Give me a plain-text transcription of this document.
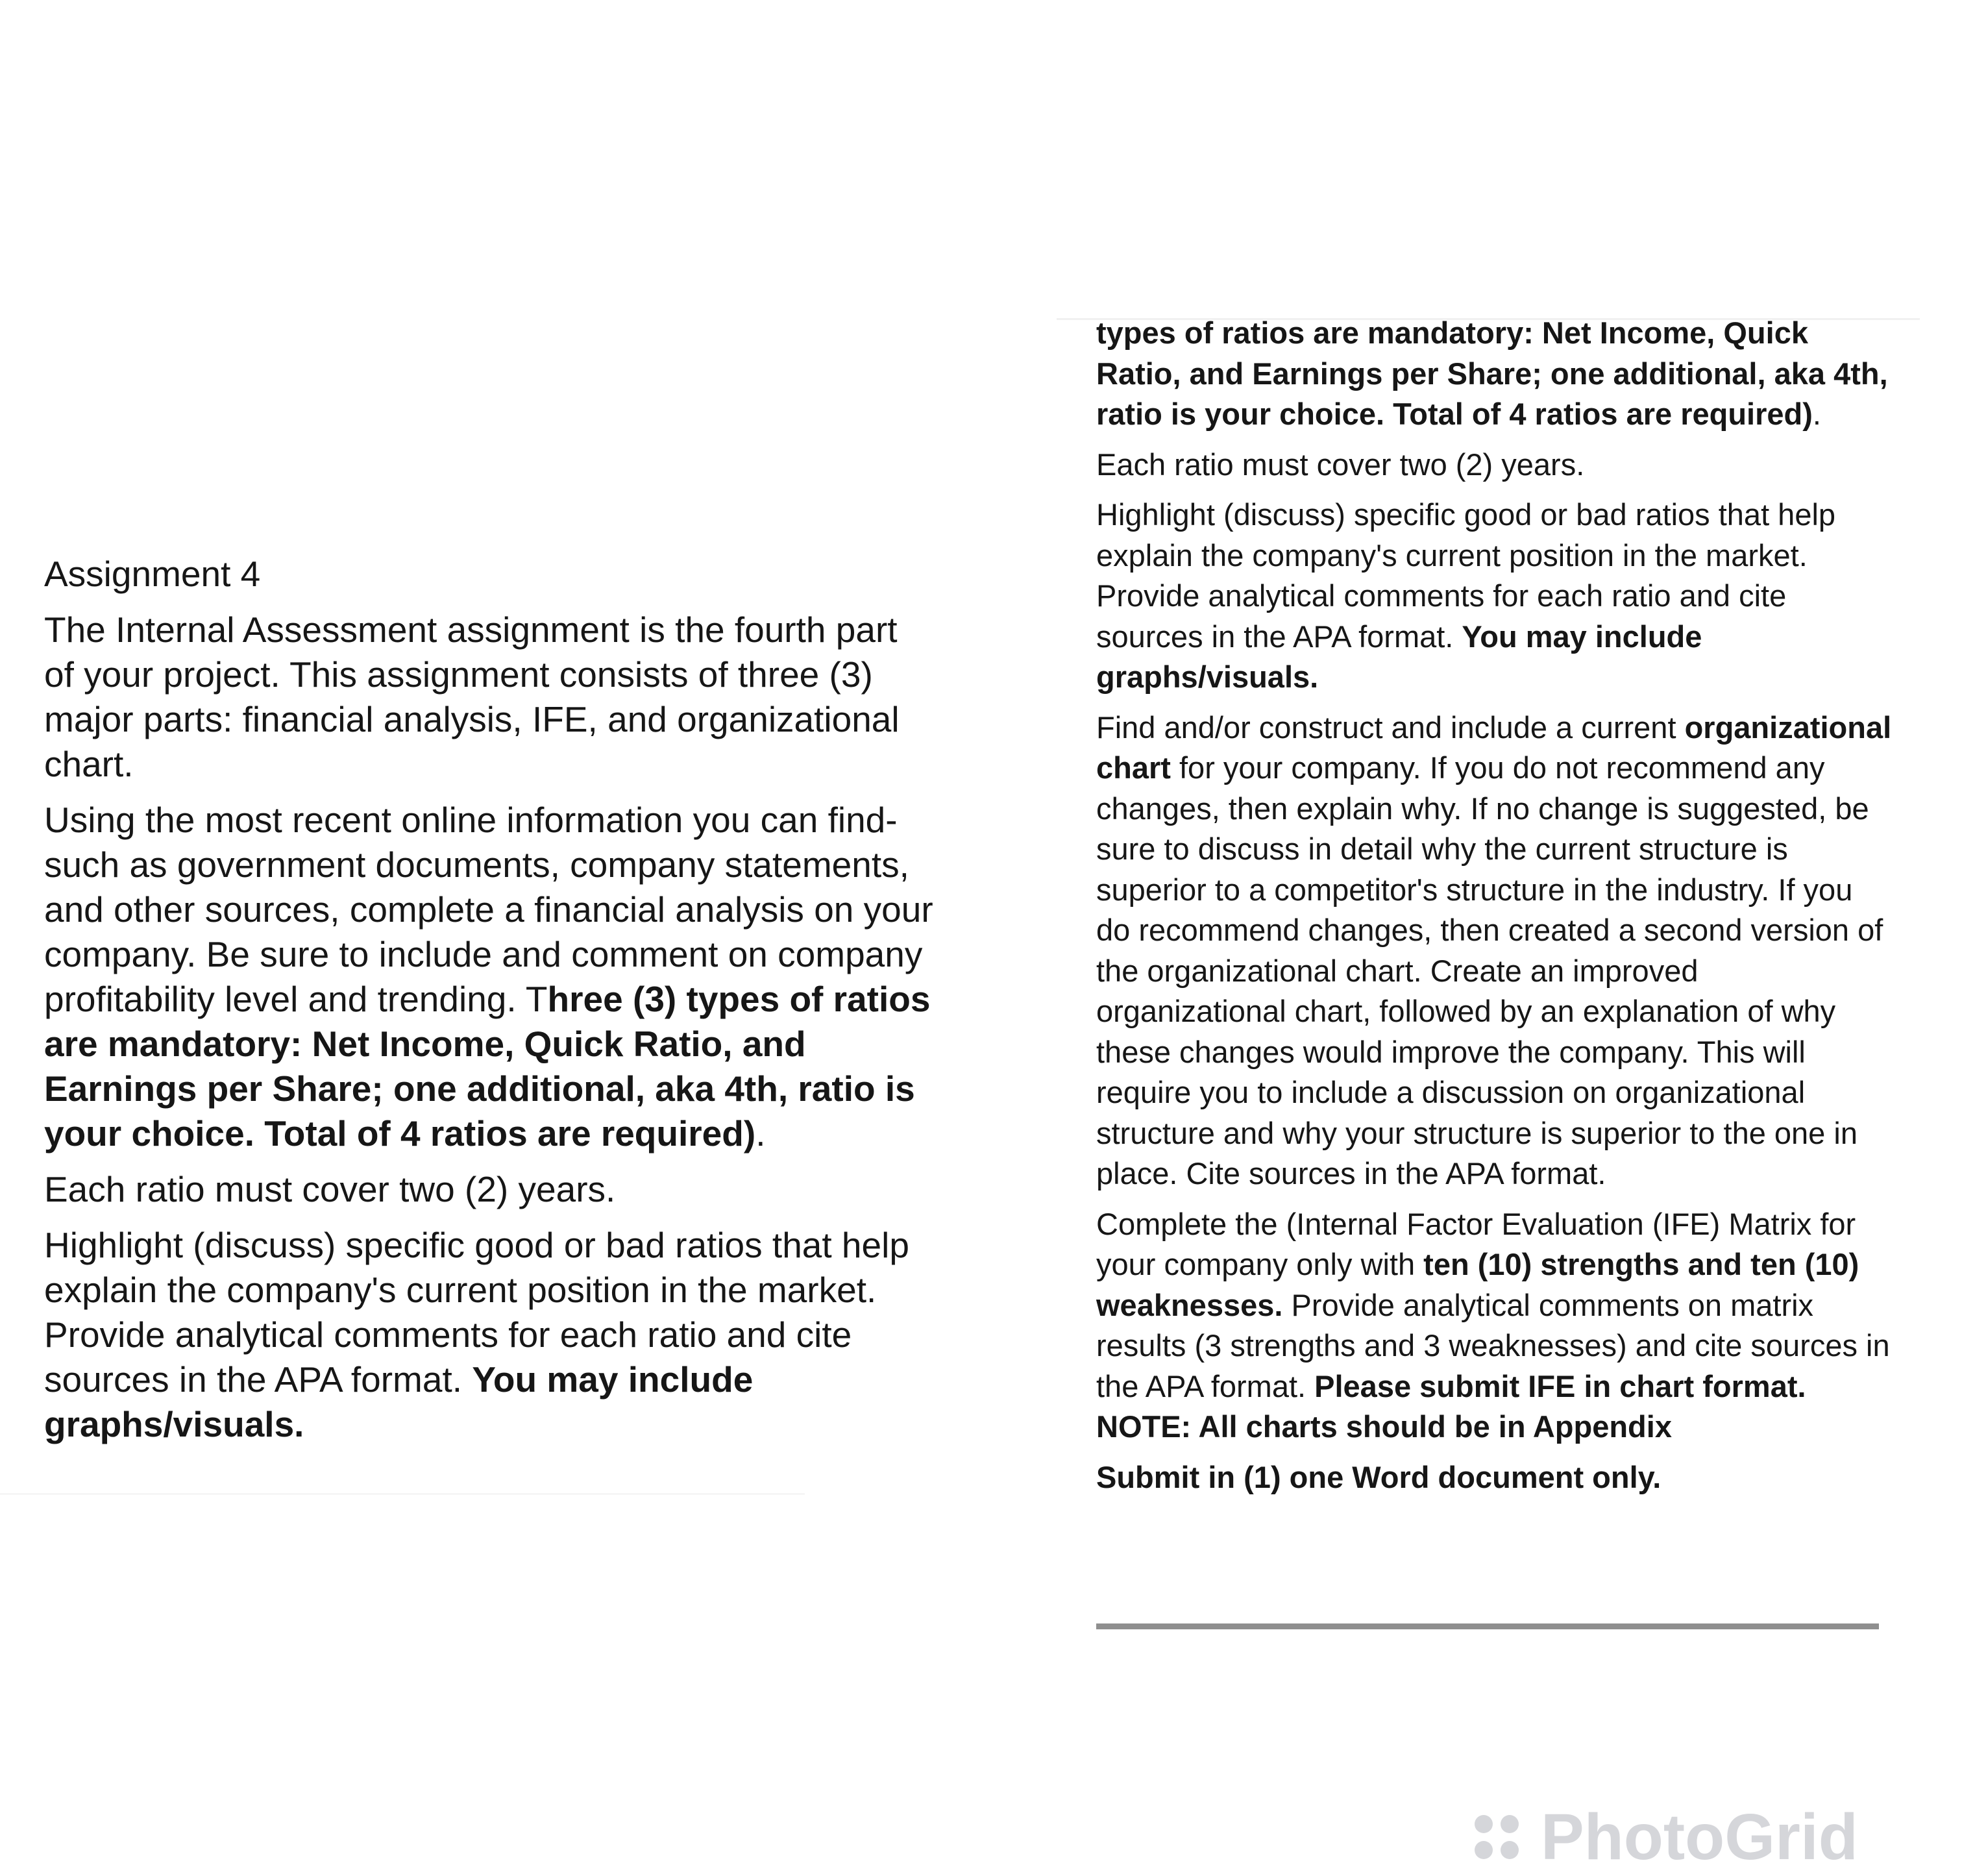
Assignment 4

The Internal Assessment assignment is the fourth part of your project. This assignment consists of three (3) major parts: financial analysis, IFE, and organizational chart.

Using the most recent online information you can find- such as government documents, company statements, and other sources, complete a financial analysis on your company. Be sure to include and comment on company profitability level and trending. Three (3) types of ratios are mandatory: Net Income, Quick Ratio, and Earnings per Share; one additional, aka 4th, ratio is your choice. Total of 4 ratios are required).

Each ratio must cover two (2) years.

Highlight (discuss) specific good or bad ratios that help explain the company's current position in the market. Provide analytical comments for each ratio and cite sources in the APA format. You may include graphs/visuals.

types of ratios are mandatory: Net Income, Quick Ratio, and Earnings per Share; one additional, aka 4th, ratio is your choice. Total of 4 ratios are required).

Each ratio must cover two (2) years.

Highlight (discuss) specific good or bad ratios that help explain the company's current position in the market. Provide analytical comments for each ratio and cite sources in the APA format. You may include graphs/visuals.

Find and/or construct and include a current organizational chart for your company. If you do not recommend any changes, then explain why. If no change is suggested, be sure to discuss in detail why the current structure is superior to a competitor's structure in the industry. If you do recommend changes, then created a second version of the organizational chart. Create an improved organizational chart, followed by an explanation of why these changes would improve the company. This will require you to include a discussion on organizational structure and why your structure is superior to the one in place. Cite sources in the APA format.

Complete the (Internal Factor Evaluation (IFE) Matrix for your company only with ten (10) strengths and ten (10) weaknesses. Provide analytical comments on matrix results (3 strengths and 3 weaknesses) and cite sources in the APA format. Please submit IFE in chart format. NOTE: All charts should be in Appendix

Submit in (1) one Word document only.

PhotoGrid
